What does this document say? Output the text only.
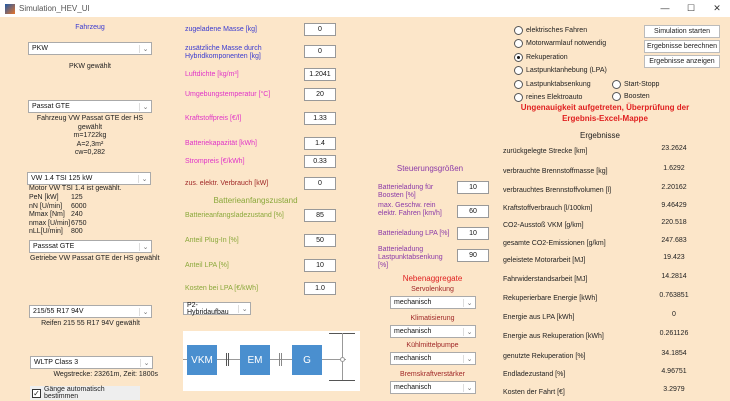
Simulation_HEV_UI	—	☐	✕
Fahrzeug
PKW	⌄
PKW gewählt
Passat GTE	⌄
Fahrzeug VW Passat GTE der HS
gewählt
m=1722kg
A=2,3m²
cw=0,282
VW 1.4 TSI 125 kW	⌄
Motor VW TSI 1.4 ist gewählt.
PeN [kW]	125
nN [U/min]	6000
Mmax [Nm] 240
nmax [U/min] 6750
nLL[U/min]	800
Passsat GTE	⌄
Getriebe VW Passat GTE der HS gewählt
215/55 R17 94V	⌄
Reifen 215 55 R17 94V gewählt
WLTP Class 3	⌄
Wegstrecke: 23261m, Zeit: 1800s
✓ Gänge automatisch bestimmen
zugeladene Masse [kg]	0
zusätzliche Masse durch Hybridkomponenten [kg]
0
Luftdichte [kg/m³]	1.2041
Umgebungstemperatur [°C]	20
Kraftstoffpreis [€/l]	1.33
Batteriekapazität [kWh]	1.4
Strompreis [€/kWh]	0.33
zus. elektr. Verbrauch [kW]	0
Batterieanfangszustand
Batterieanfangsladezustand [%]	85
Anteil Plug-In [%]	50
Anteil LPA [%]	10
Kosten bei LPA [€/kWh]	1.0
P2-Hybridaufbau	⌄
VKM	EM	G
Steuerungsgrößen
Batterieladung für Boosten [%]
10
max. Geschw. rein elektr. Fahren [km/h]	60
Batterieladung LPA [%]	10
Batterieladung Lastpunktabsenkung [%]
90
Nebenaggregate
Servolenkung
mechanisch	⌄
Klimatisierung
mechanisch	⌄
Kühlmittelpumpe
mechanisch	⌄
Bremskraftverstärker
mechanisch	⌄
elektrisches Fahren
Motorwarmlauf notwendig
Rekuperation
Lastpunktanhebung (LPA)
Lastpunktabsenkung
reines Elektroauto
Start-Stopp
Boosten
Simulation starten
Ergebnisse berechnen
Ergebnisse anzeigen
Ungenauigkeit aufgetreten, Überprüfung der
Ergebnis-Excel-Mappe
Ergebnisse
zurückgelegte Strecke [km]	23.2624
verbrauchte Brennstoffmasse [kg]	1.6292
verbrauchtes Brennstoffvolumen [l]	2.20162
Kraftstoffverbrauch [l/100km]	9.46429
CO2-Ausstoß VKM [g/km]	220.518
gesamte CO2-Emissionen [g/km]	247.683
geleistete Motorarbeit [MJ]	19.423
Fahrwiderstandsarbeit [MJ]	14.2814
Rekuperierbare Energie [kWh]	0.763851
Energie aus LPA [kWh]	0
Energie aus Rekuperation [kWh]	0.261126
genutzte Rekuperation [%]	34.1854
Endladezustand [%]	4.96751
Kosten der Fahrt [€]	3.2979
